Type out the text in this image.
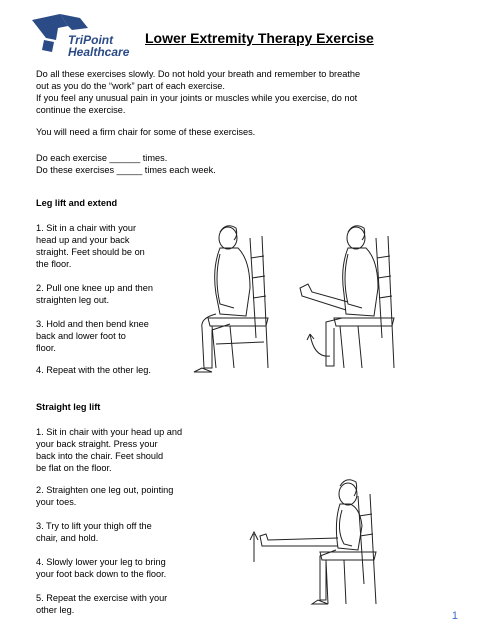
TriPoint
Healthcare
Lower Extremity Therapy Exercise
Do all these exercises slowly. Do not hold your breath and remember to breathe
out as you do the “work” part of each exercise.
If you feel any unusual pain in your joints or muscles while you exercise, do not
continue the exercise.
You will need a firm chair for some of these exercises.
Do each exercise ______ times.
Do these exercises _____ times each week.
Leg lift and extend
1. Sit in a chair with your
head up and your back
straight. Feet should be on
the floor.
2. Pull one knee up and then
straighten leg out.
3. Hold and then bend knee
back and lower foot to
floor.
4. Repeat with the other leg.
Straight leg lift
1. Sit in chair with your head up and
your back straight. Press your
back into the chair. Feet should
be flat on the floor.
2. Straighten one leg out, pointing
your toes.
3. Try to lift your thigh off the
chair, and hold.
4. Slowly lower your leg to bring
your foot back down to the floor.
5. Repeat the exercise with your
other leg.	1
